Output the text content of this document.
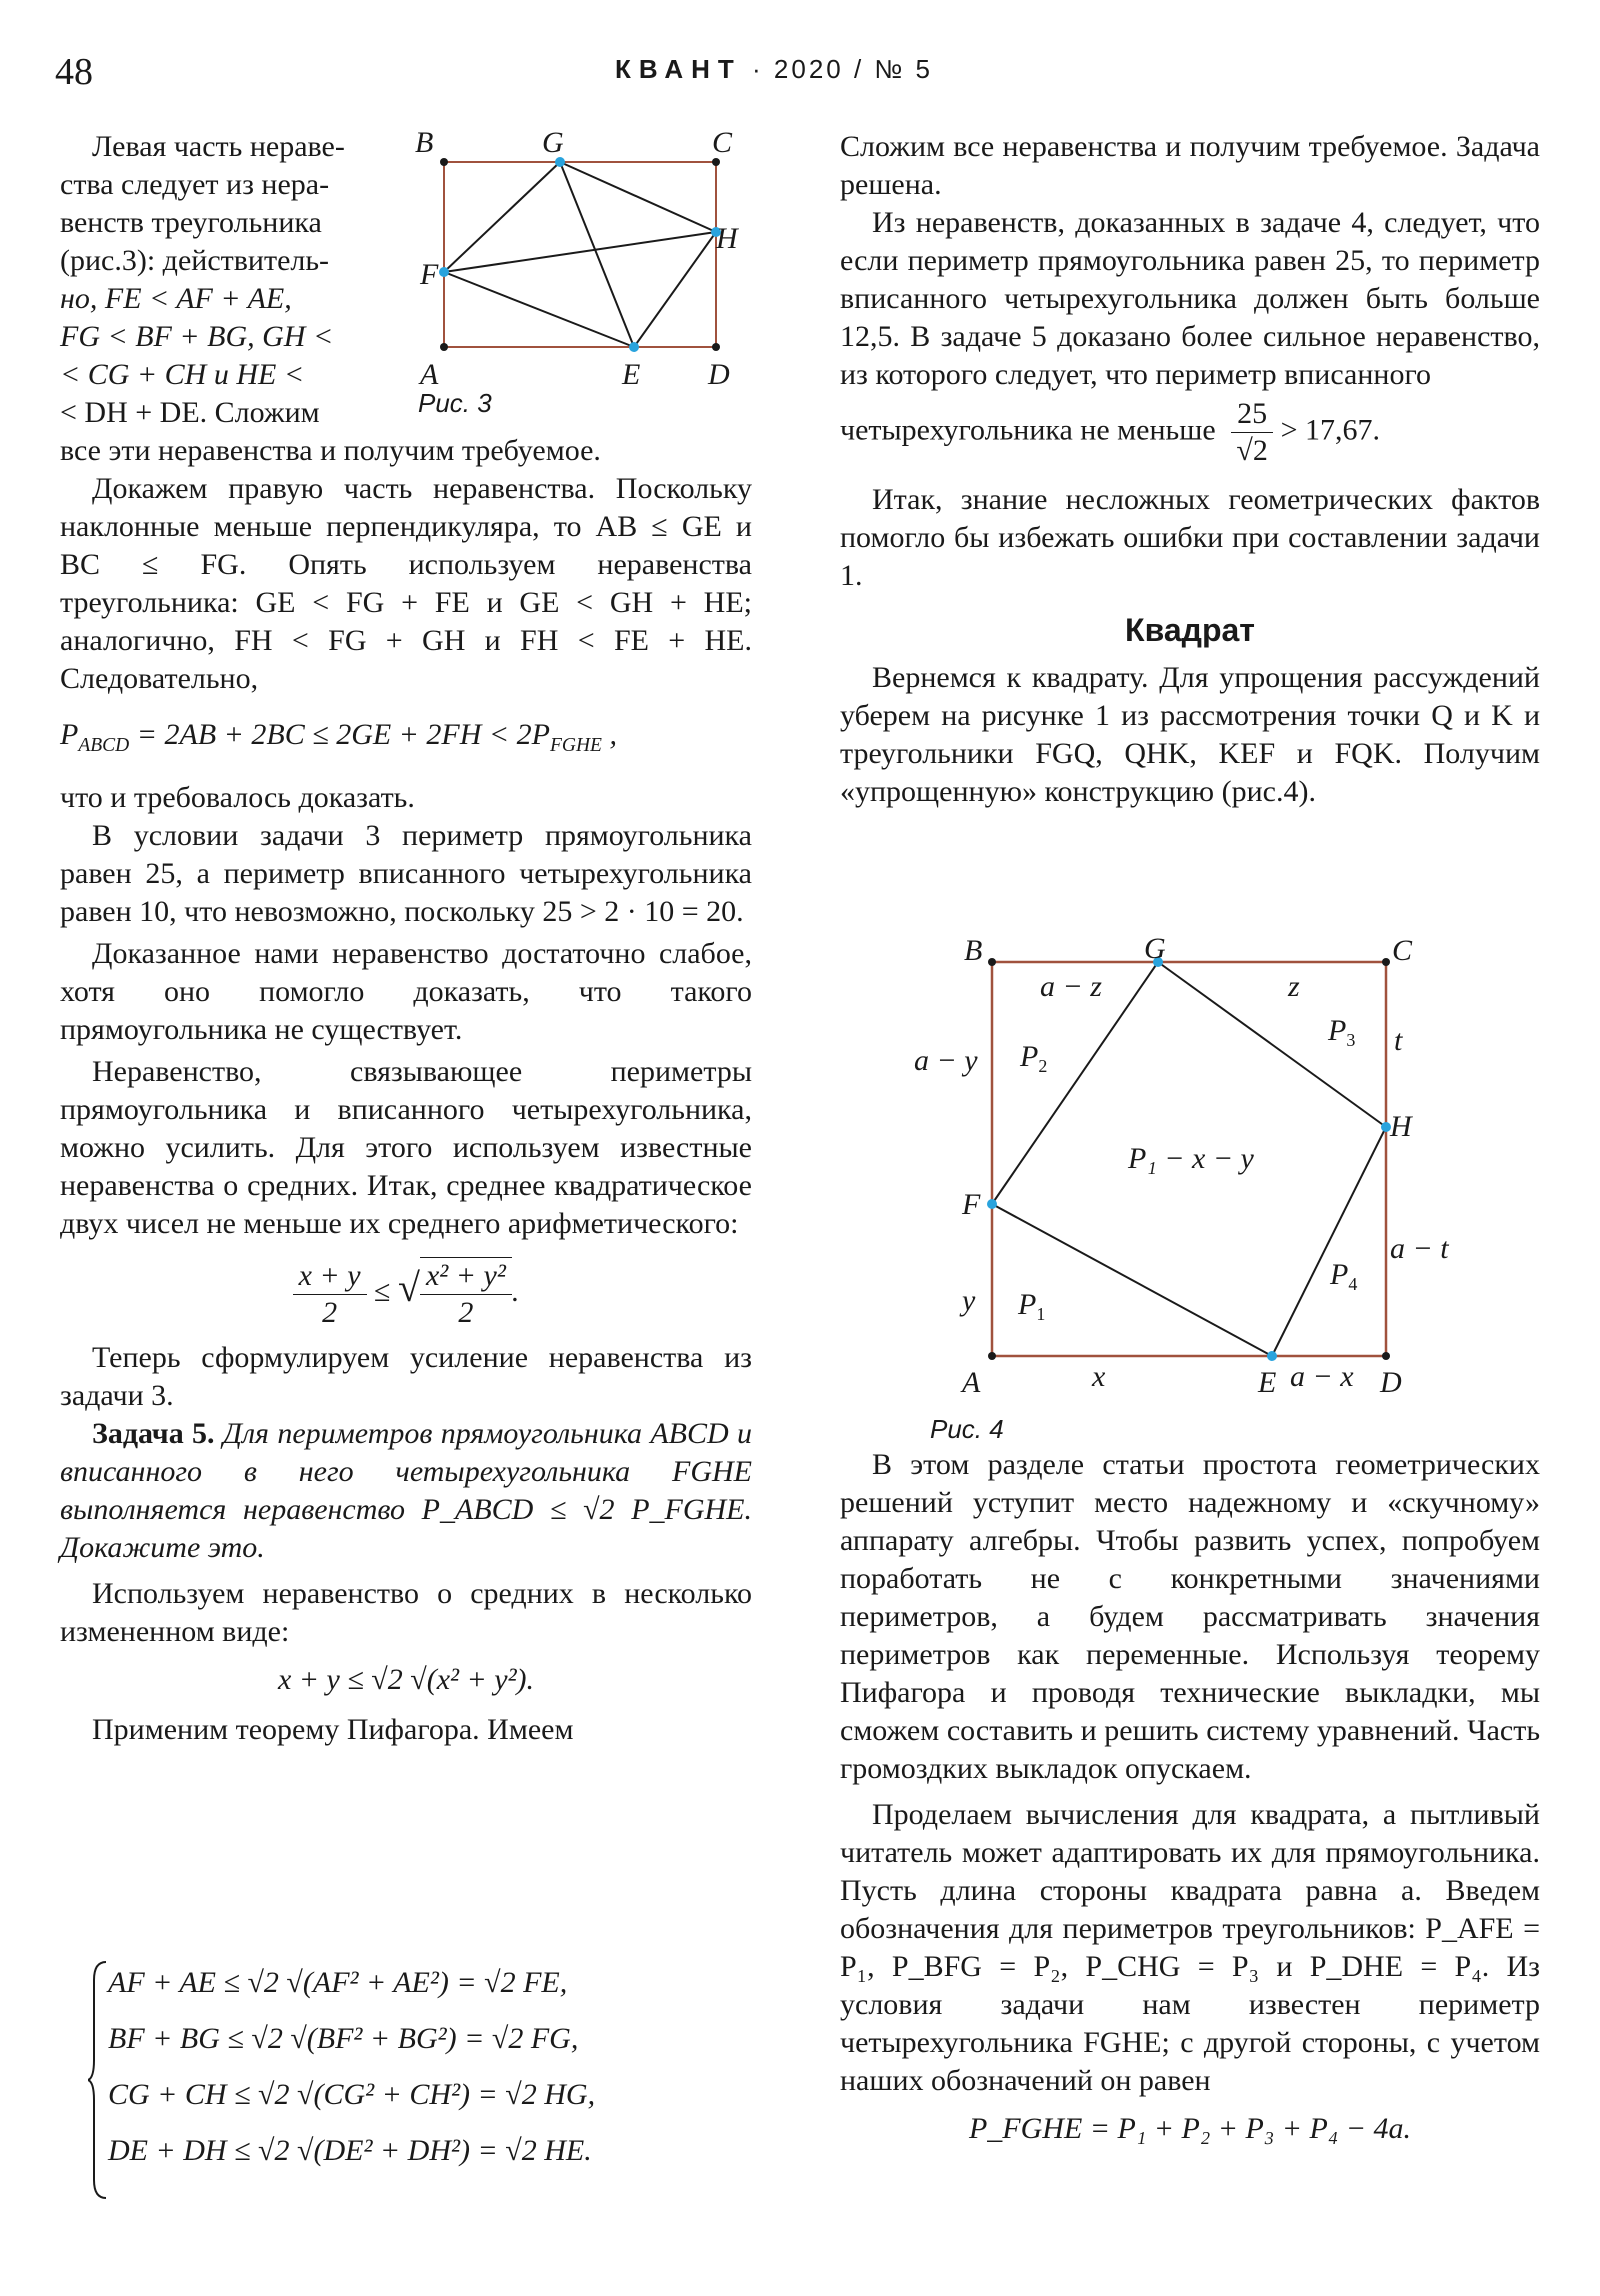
48	КВАНТ · 2020 / № 5
B	G	C
H
F
A	E D
Рис. 3
Левая часть нераве-
ства следует из нера-
венств треугольника
(рис.3): действитель-
но, FE < AF + AE,
FG < BF + BG, GH <
< CG + CH и HE <
< DH + DE. Сложим

все эти неравенства и получим требуемое.

Докажем правую часть неравенства. Поскольку наклонные меньше перпендикуляра, то AB ≤ GE и BC ≤ FG. Опять используем неравенства треугольника: GE < FG + FE и GE < GH + HE; аналогично, FH < FG + GH и FH < FE + HE. Следовательно,

$P_{ABCD} = 2AB + 2BC \le 2GE + 2FH < 2P_{FGHE}$ ,

что и требовалось доказать.

В условии задачи 3 периметр прямоугольника равен 25, а периметр вписанного четырехугольника равен 10, что невозможно, поскольку 25 > 2 · 10 = 20.

Доказанное нами неравенство достаточно слабое, хотя оно помогло доказать, что такого прямоугольника не существует.

Неравенство, связывающее периметры прямоугольника и вписанного четырехугольника, можно усилить. Для этого используем известные неравенства о средних. Итак, среднее квадратическое двух чисел не меньше их среднего арифметического:

$\frac{x + y}{2}$ ≤ √ $\frac{\text{x² + y²}}{2}$ .

Теперь сформулируем усиление неравенства из задачи 3.

Задача 5. Для периметров прямоугольника ABCD и вписанного в него четырехугольника FGHE выполняется неравенство P_ABCD ≤ √2 P_FGHE. Докажите это.

Используем неравенство о средних в несколько измененном виде:

x + y ≤ √2 √(x² + y²).

Применим теорему Пифагора. Имеем

AF + AE ≤ √2 √(AF² + AE²) = √2 FE,
BF + BG ≤ √2 √(BF² + BG²) = √2 FG,
CG + CH ≤ √2 √(CG² + CH²) = √2 HG,
DE + DH ≤ √2 √(DE² + DH²) = √2 HE.

Сложим все неравенства и получим требуемое. Задача решена.

Из неравенств, доказанных в задаче 4, следует, что если периметр прямоугольника равен 25, то периметр вписанного четырехугольника должен быть больше 12,5. В задаче 5 доказано более сильное неравенство, из которого следует, что периметр вписанного

четырехугольника не меньше $\frac{25}{√2} > 17,67$.

Итак, знание несложных геометрических фактов помогло бы избежать ошибки при составлении задачи 1.

Квадрат

Вернемся к квадрату. Для упрощения рассуждений уберем на рисунке 1 из рассмотрения точки Q и K и треугольники FGQ, QHK, KEF и FQK. Получим «упрощенную» конструкцию (рис.4).

B	G	C
H
F
A	E	D
a − z	z
a − y
t
a − t
y
x	a − x
$P_2$
$P_3$
$P_4$
$P_1$
P₁ − x − y
Рис. 4

В этом разделе статьи простота геометрических решений уступит место надежному и «скучному» аппарату алгебры. Чтобы развить успех, попробуем поработать не с конкретными значениями периметров, а будем рассматривать значения периметров как переменные. Используя теорему Пифагора и проводя технические выкладки, мы сможем составить и решить систему уравнений. Часть громоздких выкладок опускаем.

Проделаем вычисления для квадрата, а пытливый читатель может адаптировать их для прямоугольника. Пусть длина стороны квадрата равна a. Введем обозначения для периметров треугольников: P_AFE = P₁, P_BFG = P₂, P_CHG = P₃ и P_DHE = P₄. Из условия задачи нам известен периметр четырехугольника FGHE; с другой стороны, с учетом наших обозначений он равен

P_FGHE = P₁ + P₂ + P₃ + P₄ − 4a.
